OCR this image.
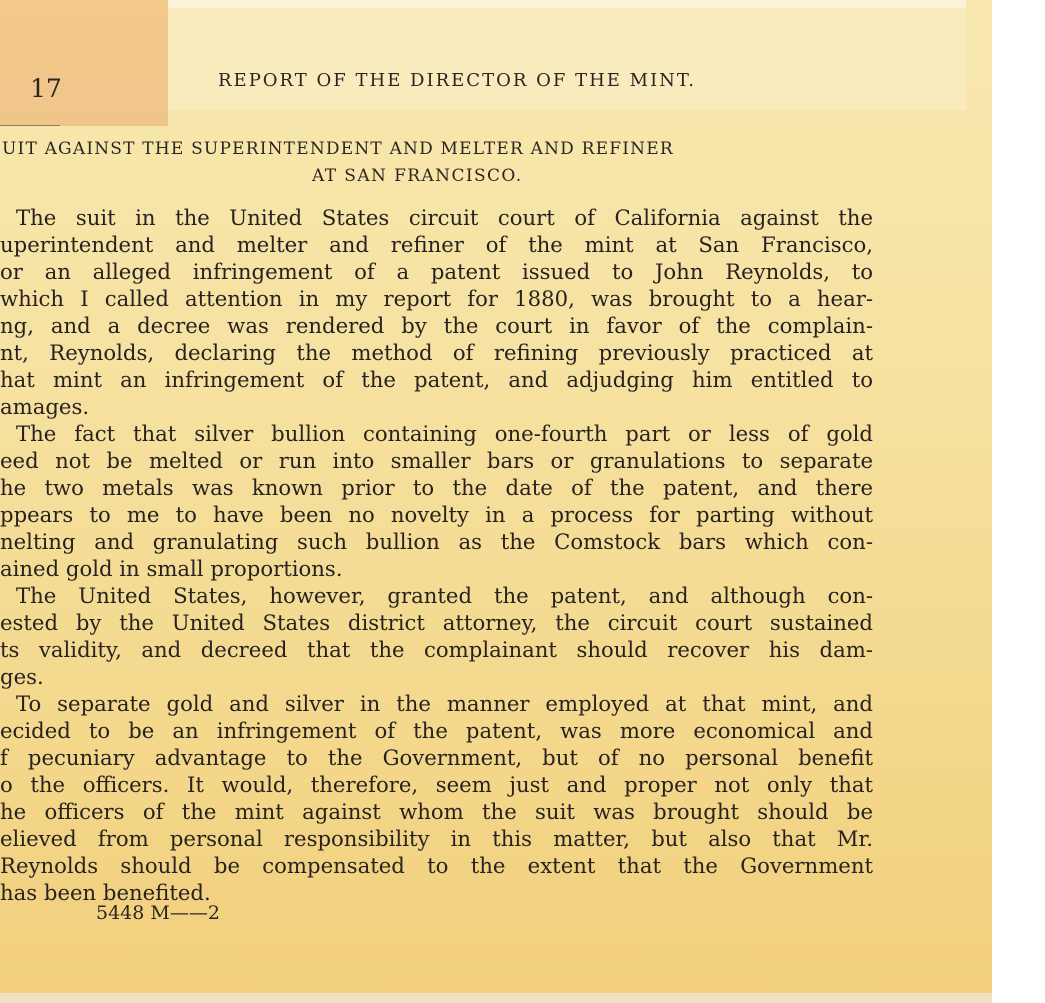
17	REPORT OF THE DIRECTOR OF THE MINT.
UIT AGAINST THE SUPERINTENDENT AND MELTER AND REFINER
AT SAN FRANCISCO.
The suit in the United States circuit court of California against the
uperintendent and melter and refiner of the mint at San Francisco,
or an alleged infringement of a patent issued to John Reynolds, to
which I called attention in my report for 1880, was brought to a hear-
ng, and a decree was rendered by the court in favor of the complain-
nt, Reynolds, declaring the method of refining previously practiced at
hat mint an infringement of the patent, and adjudging him entitled to
amages.
The fact that silver bullion containing one-fourth part or less of gold
eed not be melted or run into smaller bars or granulations to separate
he two metals was known prior to the date of the patent, and there
ppears to me to have been no novelty in a process for parting without
nelting and granulating such bullion as the Comstock bars which con-
ained gold in small proportions.
The United States, however, granted the patent, and although con-
ested by the United States district attorney, the circuit court sustained
ts validity, and decreed that the complainant should recover his dam-
ges.
To separate gold and silver in the manner employed at that mint, and
ecided to be an infringement of the patent, was more economical and
f pecuniary advantage to the Government, but of no personal benefit
o the officers. It would, therefore, seem just and proper not only that
he officers of the mint against whom the suit was brought should be
elieved from personal responsibility in this matter, but also that Mr.
Reynolds should be compensated to the extent that the Government
has been benefited.
5448 M——2
